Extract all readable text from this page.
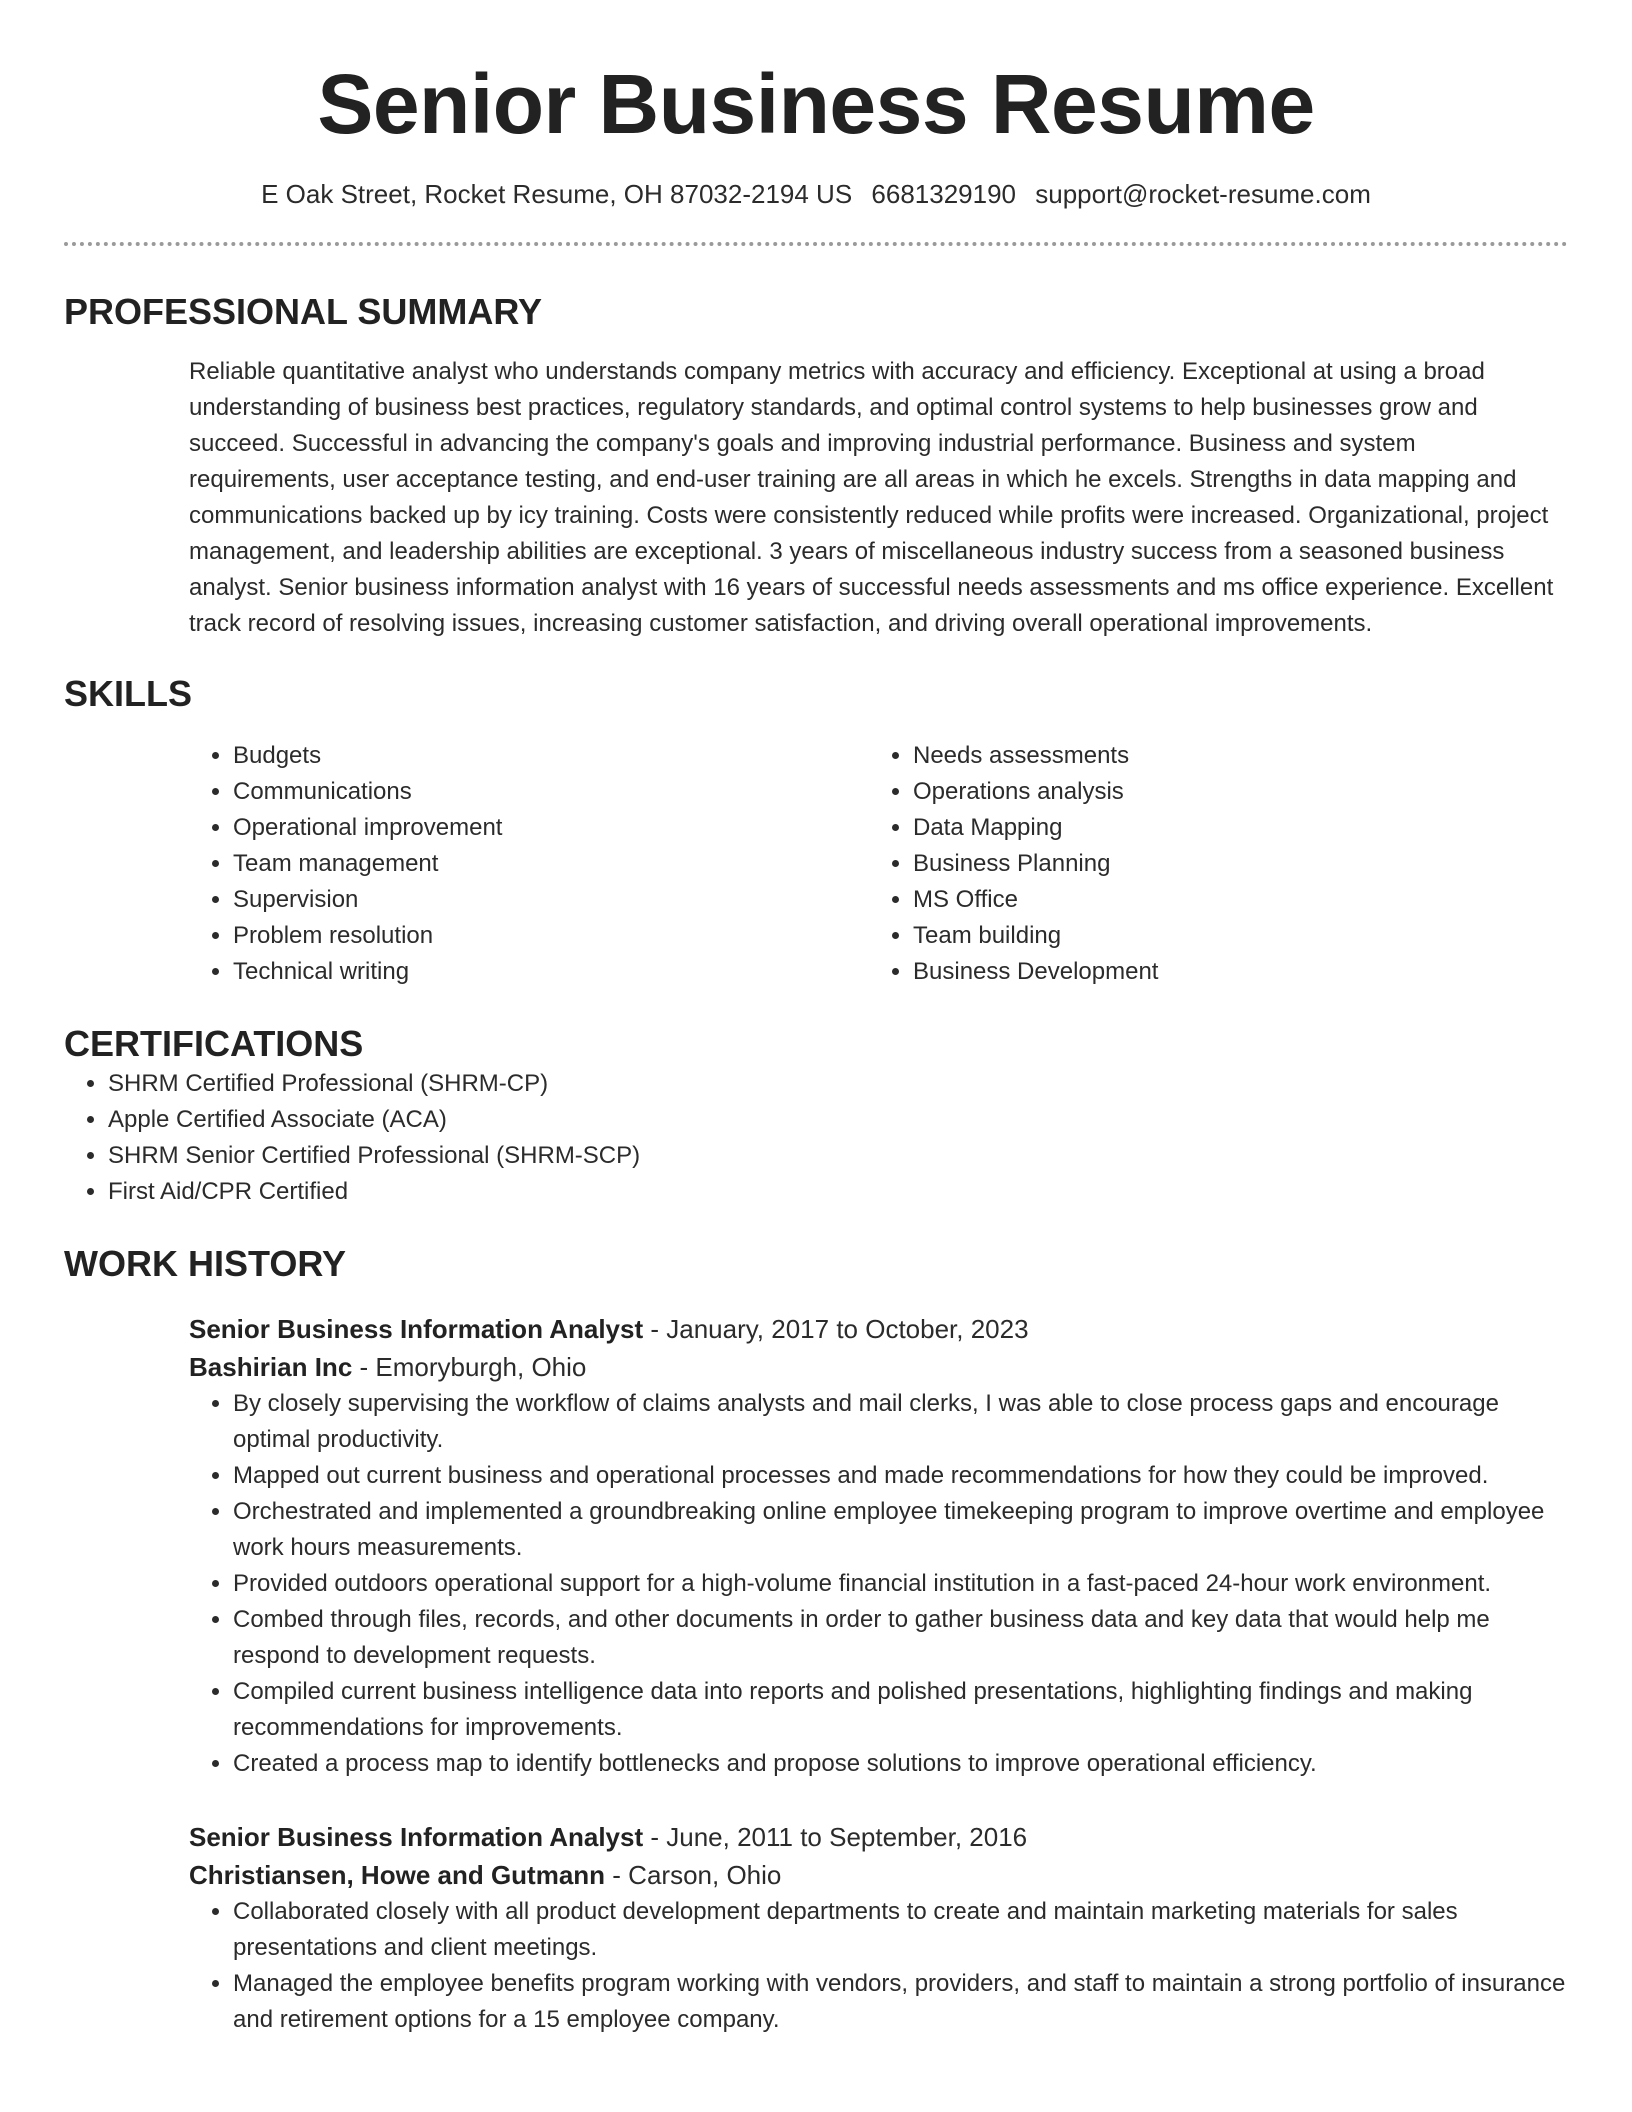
Senior Business Resume
E Oak Street, Rocket Resume, OH 87032-2194 US 6681329190 support@rocket-resume.com
PROFESSIONAL SUMMARY
Reliable quantitative analyst who understands company metrics with accuracy and efficiency. Exceptional at using a broad understanding of business best practices, regulatory standards, and optimal control systems to help businesses grow and succeed. Successful in advancing the company's goals and improving industrial performance. Business and system requirements, user acceptance testing, and end-user training are all areas in which he excels. Strengths in data mapping and communications backed up by icy training. Costs were consistently reduced while profits were increased. Organizational, project management, and leadership abilities are exceptional. 3 years of miscellaneous industry success from a seasoned business analyst. Senior business information analyst with 16 years of successful needs assessments and ms office experience. Excellent track record of resolving issues, increasing customer satisfaction, and driving overall operational improvements.
SKILLS
• Budgets
• Communications
• Operational improvement
• Team management
• Supervision
• Problem resolution
• Technical writing
• Needs assessments
• Operations analysis
• Data Mapping
• Business Planning
• MS Office
• Team building
• Business Development
CERTIFICATIONS
• SHRM Certified Professional (SHRM-CP)
• Apple Certified Associate (ACA)
• SHRM Senior Certified Professional (SHRM-SCP)
• First Aid/CPR Certified
WORK HISTORY
Senior Business Information Analyst - January, 2017 to October, 2023
Bashirian Inc - Emoryburgh, Ohio
• By closely supervising the workflow of claims analysts and mail clerks, I was able to close process gaps and encourage optimal productivity.
• Mapped out current business and operational processes and made recommendations for how they could be improved.
• Orchestrated and implemented a groundbreaking online employee timekeeping program to improve overtime and employee work hours measurements.
• Provided outdoors operational support for a high-volume financial institution in a fast-paced 24-hour work environment.
• Combed through files, records, and other documents in order to gather business data and key data that would help me respond to development requests.
• Compiled current business intelligence data into reports and polished presentations, highlighting findings and making recommendations for improvements.
• Created a process map to identify bottlenecks and propose solutions to improve operational efficiency.
Senior Business Information Analyst - June, 2011 to September, 2016
Christiansen, Howe and Gutmann - Carson, Ohio
• Collaborated closely with all product development departments to create and maintain marketing materials for sales presentations and client meetings.
• Managed the employee benefits program working with vendors, providers, and staff to maintain a strong portfolio of insurance and retirement options for a 15 employee company.
